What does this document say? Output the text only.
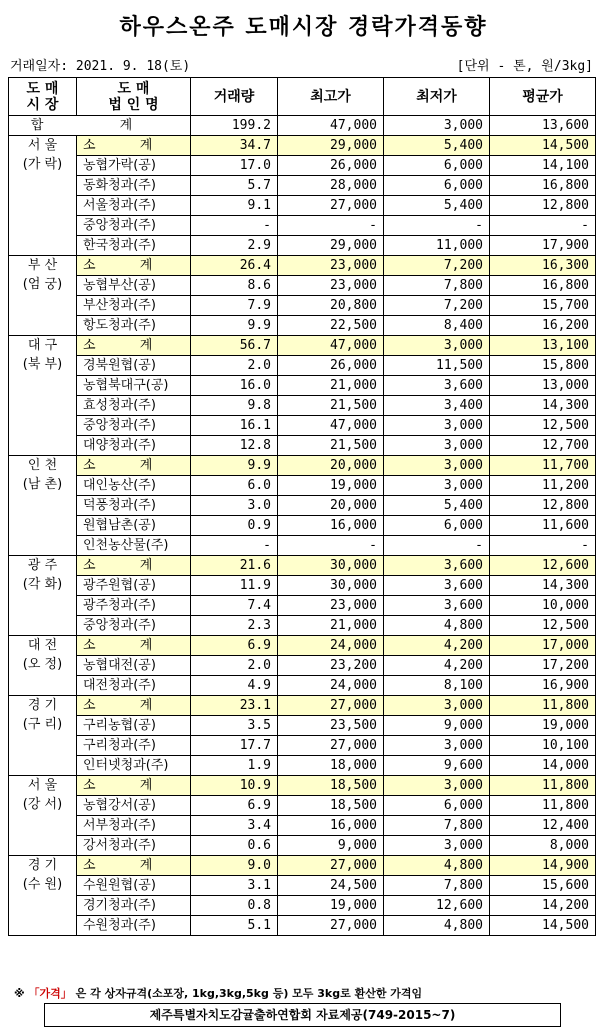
하우스온주 도매시장 경락가격동향
거래일자: 2021. 9. 18(토)	[단위 - 톤, 원/3kg]
도 매
시 장	도 매
법 인 명	거래량	최고가	최저가	평균가
합 계		199.2	47,000	3,000	13,600
서 울
(가 락)	소 계	34.7	29,000	5,400	14,500
	농협가락(공)	17.0	26,000	6,000	14,100
	동화청과(주)	5.7	28,000	6,000	16,800
	서울청과(주)	9.1	27,000	5,400	12,800
	중앙청과(주)	-	-	-	-
	한국청과(주)	2.9	29,000	11,000	17,900
부 산
(엄 궁)	소 계	26.4	23,000	7,200	16,300
	농협부산(공)	8.6	23,000	7,800	16,800
	부산청과(주)	7.9	20,800	7,200	15,700
	항도청과(주)	9.9	22,500	8,400	16,200
대 구
(북 부)	소 계	56.7	47,000	3,000	13,100
	경북원협(공)	2.0	26,000	11,500	15,800
	농협북대구(공)	16.0	21,000	3,600	13,000
	효성청과(주)	9.8	21,500	3,400	14,300
	중앙청과(주)	16.1	47,000	3,000	12,500
	대양청과(주)	12.8	21,500	3,000	12,700
인 천
(남 촌)	소 계	9.9	20,000	3,000	11,700
	대인농산(주)	6.0	19,000	3,000	11,200
	덕풍청과(주)	3.0	20,000	5,400	12,800
	원협남촌(공)	0.9	16,000	6,000	11,600
	인천농산물(주)	-	-	-	-
광 주
(각 화)	소 계	21.6	30,000	3,600	12,600
	광주원협(공)	11.9	30,000	3,600	14,300
	광주청과(주)	7.4	23,000	3,600	10,000
	중앙청과(주)	2.3	21,000	4,800	12,500
대 전
(오 정)	소 계	6.9	24,000	4,200	17,000
	농협대전(공)	2.0	23,200	4,200	17,200
	대전청과(주)	4.9	24,000	8,100	16,900
경 기
(구 리)	소 계	23.1	27,000	3,000	11,800
	구리농협(공)	3.5	23,500	9,000	19,000
	구리청과(주)	17.7	27,000	3,000	10,100
	인터넷청과(주)	1.9	18,000	9,600	14,000
서 울
(강 서)	소 계	10.9	18,500	3,000	11,800
	농협강서(공)	6.9	18,500	6,000	11,800
	서부청과(주)	3.4	16,000	7,800	12,400
	강서청과(주)	0.6	9,000	3,000	8,000
경 기
(수 원)	소 계	9.0	27,000	4,800	14,900
	수원원협(공)	3.1	24,500	7,800	15,600
	경기청과(주)	0.8	19,000	12,600	14,200
	수원청과(주)	5.1	27,000	4,800	14,500
※ 「가격」 은 각 상자규격(소포장, 1kg,3kg,5kg 등) 모두 3kg로 환산한 가격임
제주특별자치도감귤출하연합회 자료제공(749-2015~7)
